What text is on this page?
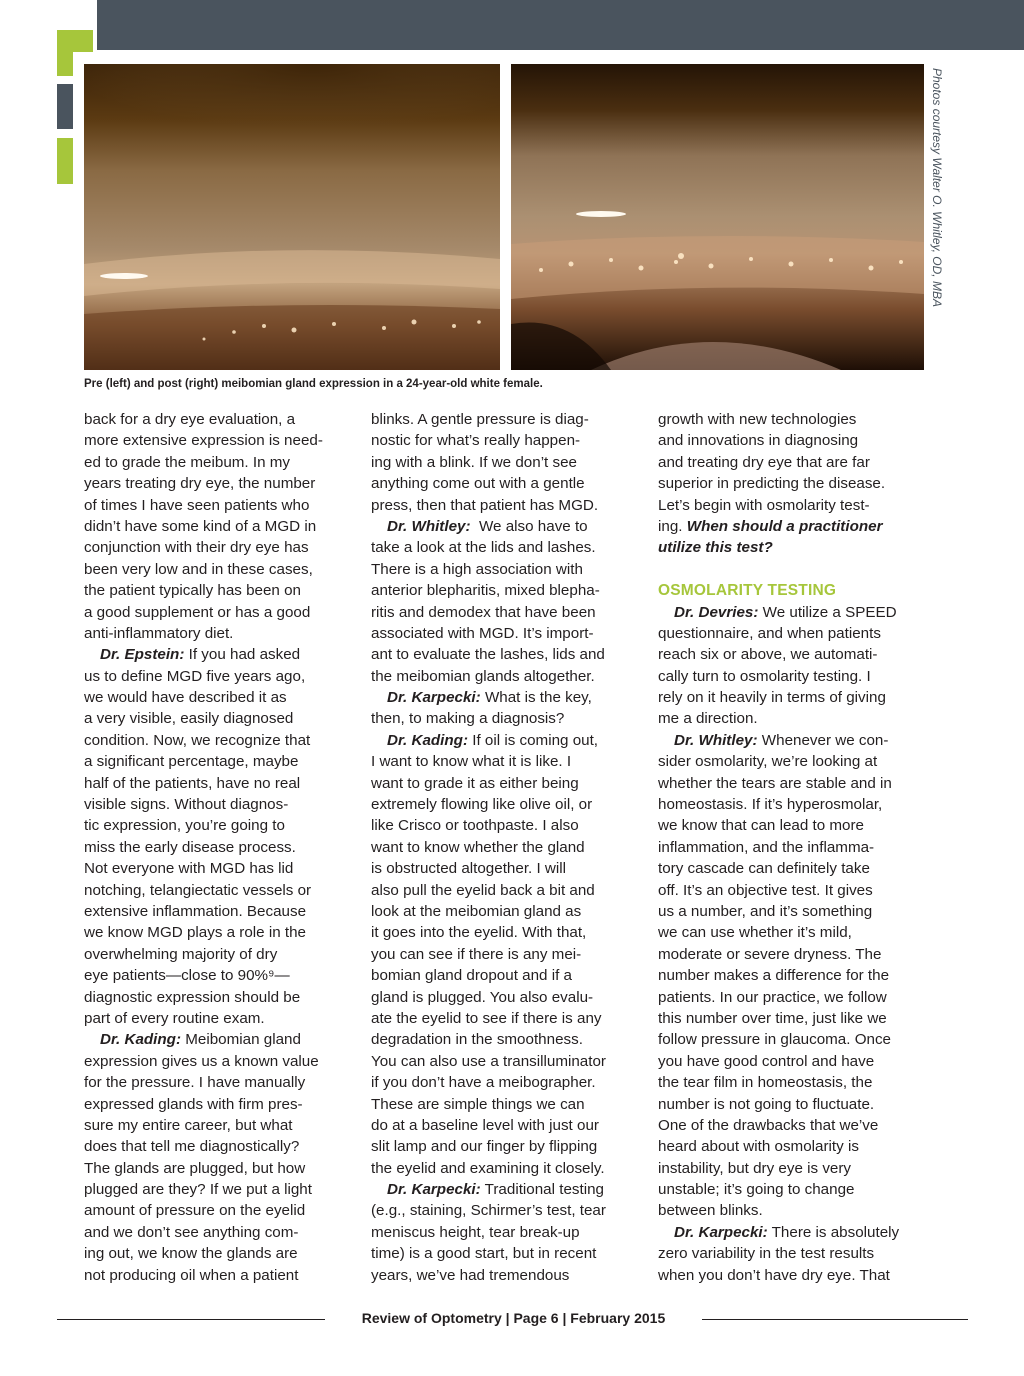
Photos courtesy Walter O. Whitley, OD, MBA
Pre (left) and post (right) meibomian gland expression in a 24-year-old white female.
back for a dry eye evaluation, a
more extensive expression is need-
ed to grade the meibum. In my
years treating dry eye, the number
of times I have seen patients who
didn’t have some kind of a MGD in
conjunction with their dry eye has
been very low and in these cases,
the patient typically has been on
a good supplement or has a good
anti-inflammatory diet.
Dr. Epstein: If you had asked
us to define MGD five years ago,
we would have described it as
a very visible, easily diagnosed
condition. Now, we recognize that
a significant percentage, maybe
half of the patients, have no real
visible signs. Without diagnos-
tic expression, you’re going to
miss the early disease process.
Not everyone with MGD has lid
notching, telangiectatic vessels or
extensive inflammation. Because
we know MGD plays a role in the
overwhelming majority of dry
eye patients—close to 90%⁹—
diagnostic expression should be
part of every routine exam.
Dr. Kading: Meibomian gland
expression gives us a known value
for the pressure. I have manually
expressed glands with firm pres-
sure my entire career, but what
does that tell me diagnostically?
The glands are plugged, but how
plugged are they? If we put a light
amount of pressure on the eyelid
and we don’t see anything com-
ing out, we know the glands are
not producing oil when a patient
blinks. A gentle pressure is diag-
nostic for what’s really happen-
ing with a blink. If we don’t see
anything come out with a gentle
press, then that patient has MGD.
Dr. Whitley: We also have to
take a look at the lids and lashes.
There is a high association with
anterior blepharitis, mixed blepha-
ritis and demodex that have been
associated with MGD. It’s import-
ant to evaluate the lashes, lids and
the meibomian glands altogether.
Dr. Karpecki: What is the key,
then, to making a diagnosis?
Dr. Kading: If oil is coming out,
I want to know what it is like. I
want to grade it as either being
extremely flowing like olive oil, or
like Crisco or toothpaste. I also
want to know whether the gland
is obstructed altogether. I will
also pull the eyelid back a bit and
look at the meibomian gland as
it goes into the eyelid. With that,
you can see if there is any mei-
bomian gland dropout and if a
gland is plugged. You also evalu-
ate the eyelid to see if there is any
degradation in the smoothness.
You can also use a transilluminator
if you don’t have a meibographer.
These are simple things we can
do at a baseline level with just our
slit lamp and our finger by flipping
the eyelid and examining it closely.
Dr. Karpecki: Traditional testing
(e.g., staining, Schirmer’s test, tear
meniscus height, tear break-up
time) is a good start, but in recent
years, we’ve had tremendous
growth with new technologies
and innovations in diagnosing
and treating dry eye that are far
superior in predicting the disease.
Let’s begin with osmolarity test-
ing. When should a practitioner
utilize this test?
OSMOLARITY TESTING
Dr. Devries: We utilize a SPEED
questionnaire, and when patients
reach six or above, we automati-
cally turn to osmolarity testing. I
rely on it heavily in terms of giving
me a direction.
Dr. Whitley: Whenever we con-
sider osmolarity, we’re looking at
whether the tears are stable and in
homeostasis. If it’s hyperosmolar,
we know that can lead to more
inflammation, and the inflamma-
tory cascade can definitely take
off. It’s an objective test. It gives
us a number, and it’s something
we can use whether it’s mild,
moderate or severe dryness. The
number makes a difference for the
patients. In our practice, we follow
this number over time, just like we
follow pressure in glaucoma. Once
you have good control and have
the tear film in homeostasis, the
number is not going to fluctuate.
One of the drawbacks that we’ve
heard about with osmolarity is
instability, but dry eye is very
unstable; it’s going to change
between blinks.
Dr. Karpecki: There is absolutely
zero variability in the test results
when you don’t have dry eye. That
Review of Optometry | Page 6 | February 2015
